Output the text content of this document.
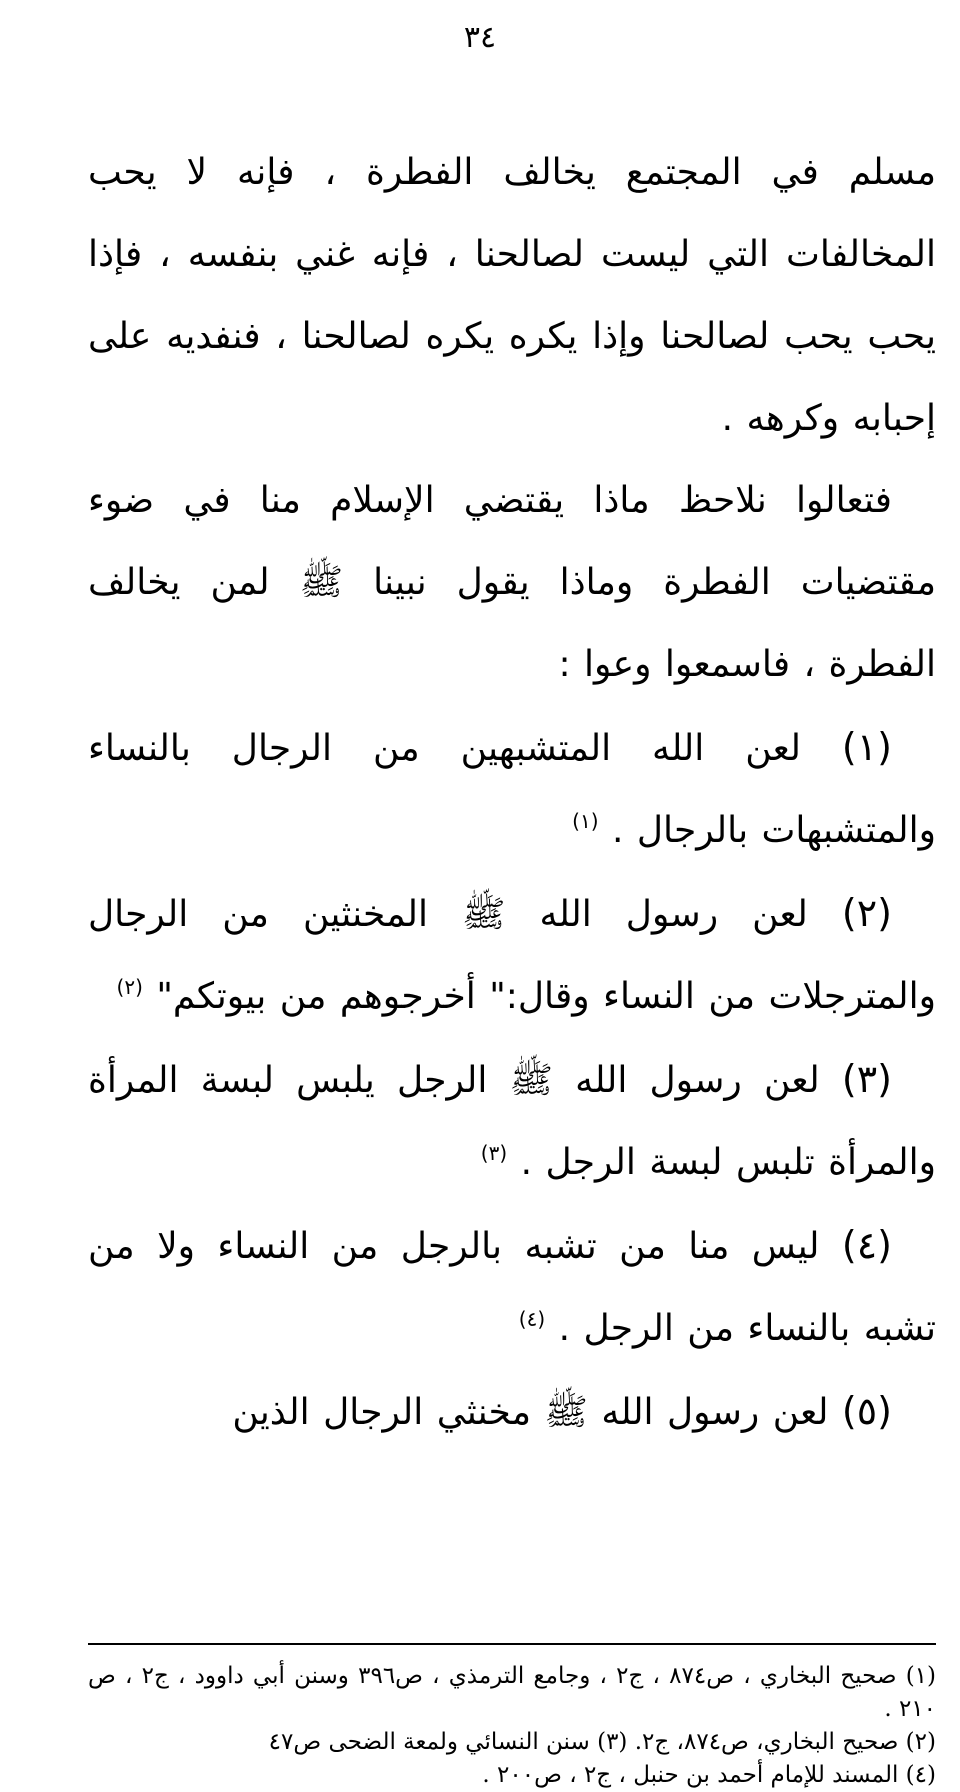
٣٤

مسلم في المجتمع يخالف الفطرة ، فإنه لا يحب المخالفات التي ليست لصالحنا ، فإنه غني بنفسه ، فإذا يحب يحب لصالحنا وإذا يكره يكره لصالحنا ، فنفديه على إحبابه وكرهه .

فتعالوا نلاحظ ماذا يقتضي الإسلام منا في ضوء مقتضيات الفطرة وماذا يقول نبينا ﷺ لمن يخالف الفطرة ، فاسمعوا وعوا :

(١) لعن الله المتشبهين من الرجال بالنساء والمتشبهات بالرجال . $^{(١)}$

(٢) لعن رسول الله ﷺ المخنثين من الرجال والمترجلات من النساء وقال:" أخرجوهم من بيوتكم" $^{(٢)}$

(٣) لعن رسول الله ﷺ الرجل يلبس لبسة المرأة والمرأة تلبس لبسة الرجل . $^{(٣)}$

(٤) ليس منا من تشبه بالرجل من النساء ولا من تشبه بالنساء من الرجل . $^{(٤)}$

(٥) لعن رسول الله ﷺ مخنثي الرجال الذين

(١) صحيح البخاري ، ص٨٧٤ ، ج٢ ، وجامع الترمذي ، ص٣٩٦ وسنن أبي داوود ، ج٢ ، ص ٢١٠ .

(٢) صحيح البخاري، ص٨٧٤، ج٢. (٣) سنن النسائي ولمعة الضحى ص٤٧

(٤) المسند للإمام أحمد بن حنبل ، ج٢ ، ص٢٠٠ .
